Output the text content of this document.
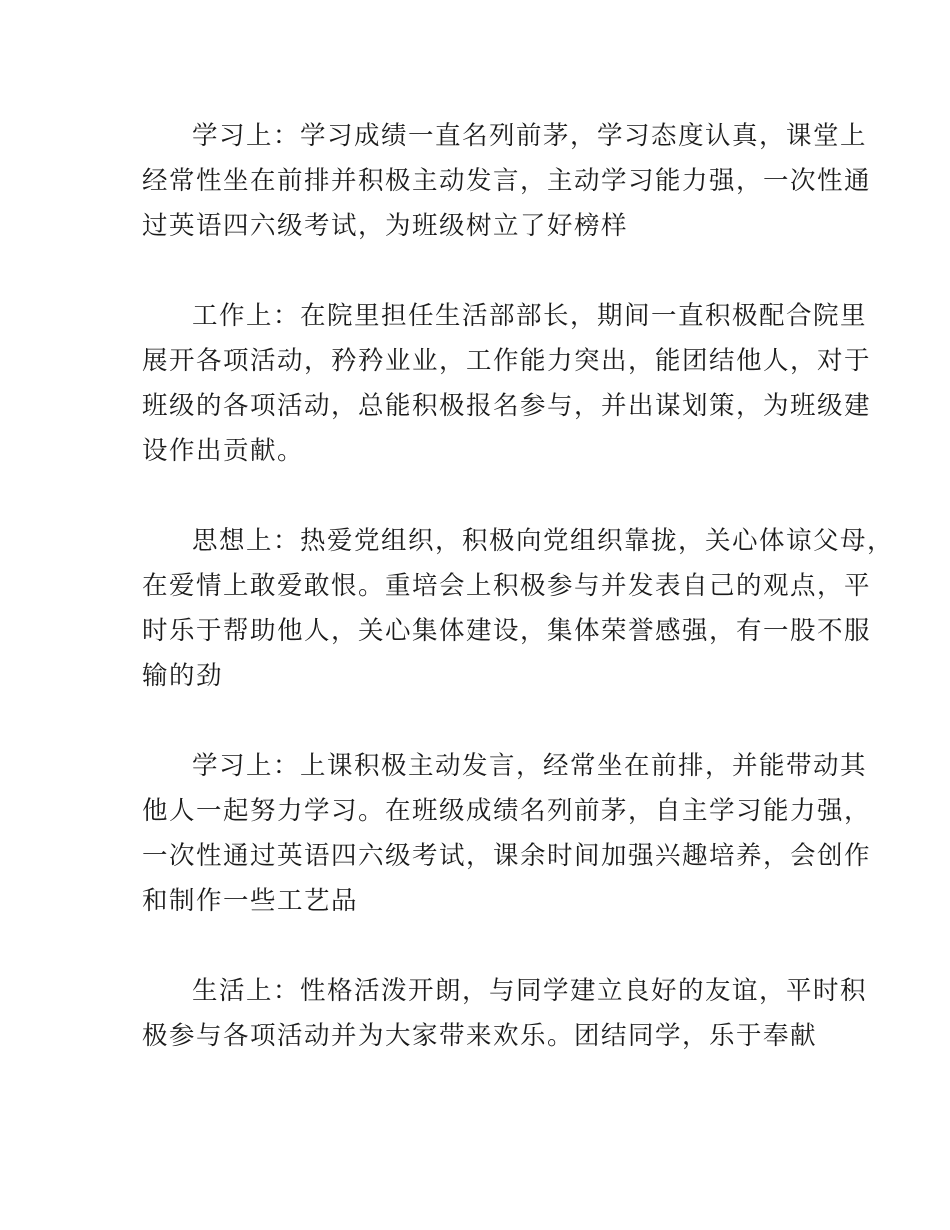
学习上：学习成绩一直名列前茅，学习态度认真，课堂上
经常性坐在前排并积极主动发言，主动学习能力强，一次性通
过英语四六级考试，为班级树立了好榜样

工作上：在院里担任生活部部长，期间一直积极配合院里
展开各项活动，矜矜业业，工作能力突出，能团结他人，对于
班级的各项活动，总能积极报名参与，并出谋划策，为班级建
设作出贡献。

思想上：热爱党组织，积极向党组织靠拢，关心体谅父母，
在爱情上敢爱敢恨。重培会上积极参与并发表自己的观点，平
时乐于帮助他人，关心集体建设，集体荣誉感强，有一股不服
输的劲

学习上：上课积极主动发言，经常坐在前排，并能带动其
他人一起努力学习。在班级成绩名列前茅，自主学习能力强，
一次性通过英语四六级考试，课余时间加强兴趣培养，会创作
和制作一些工艺品

生活上：性格活泼开朗，与同学建立良好的友谊，平时积
极参与各项活动并为大家带来欢乐。团结同学，乐于奉献
